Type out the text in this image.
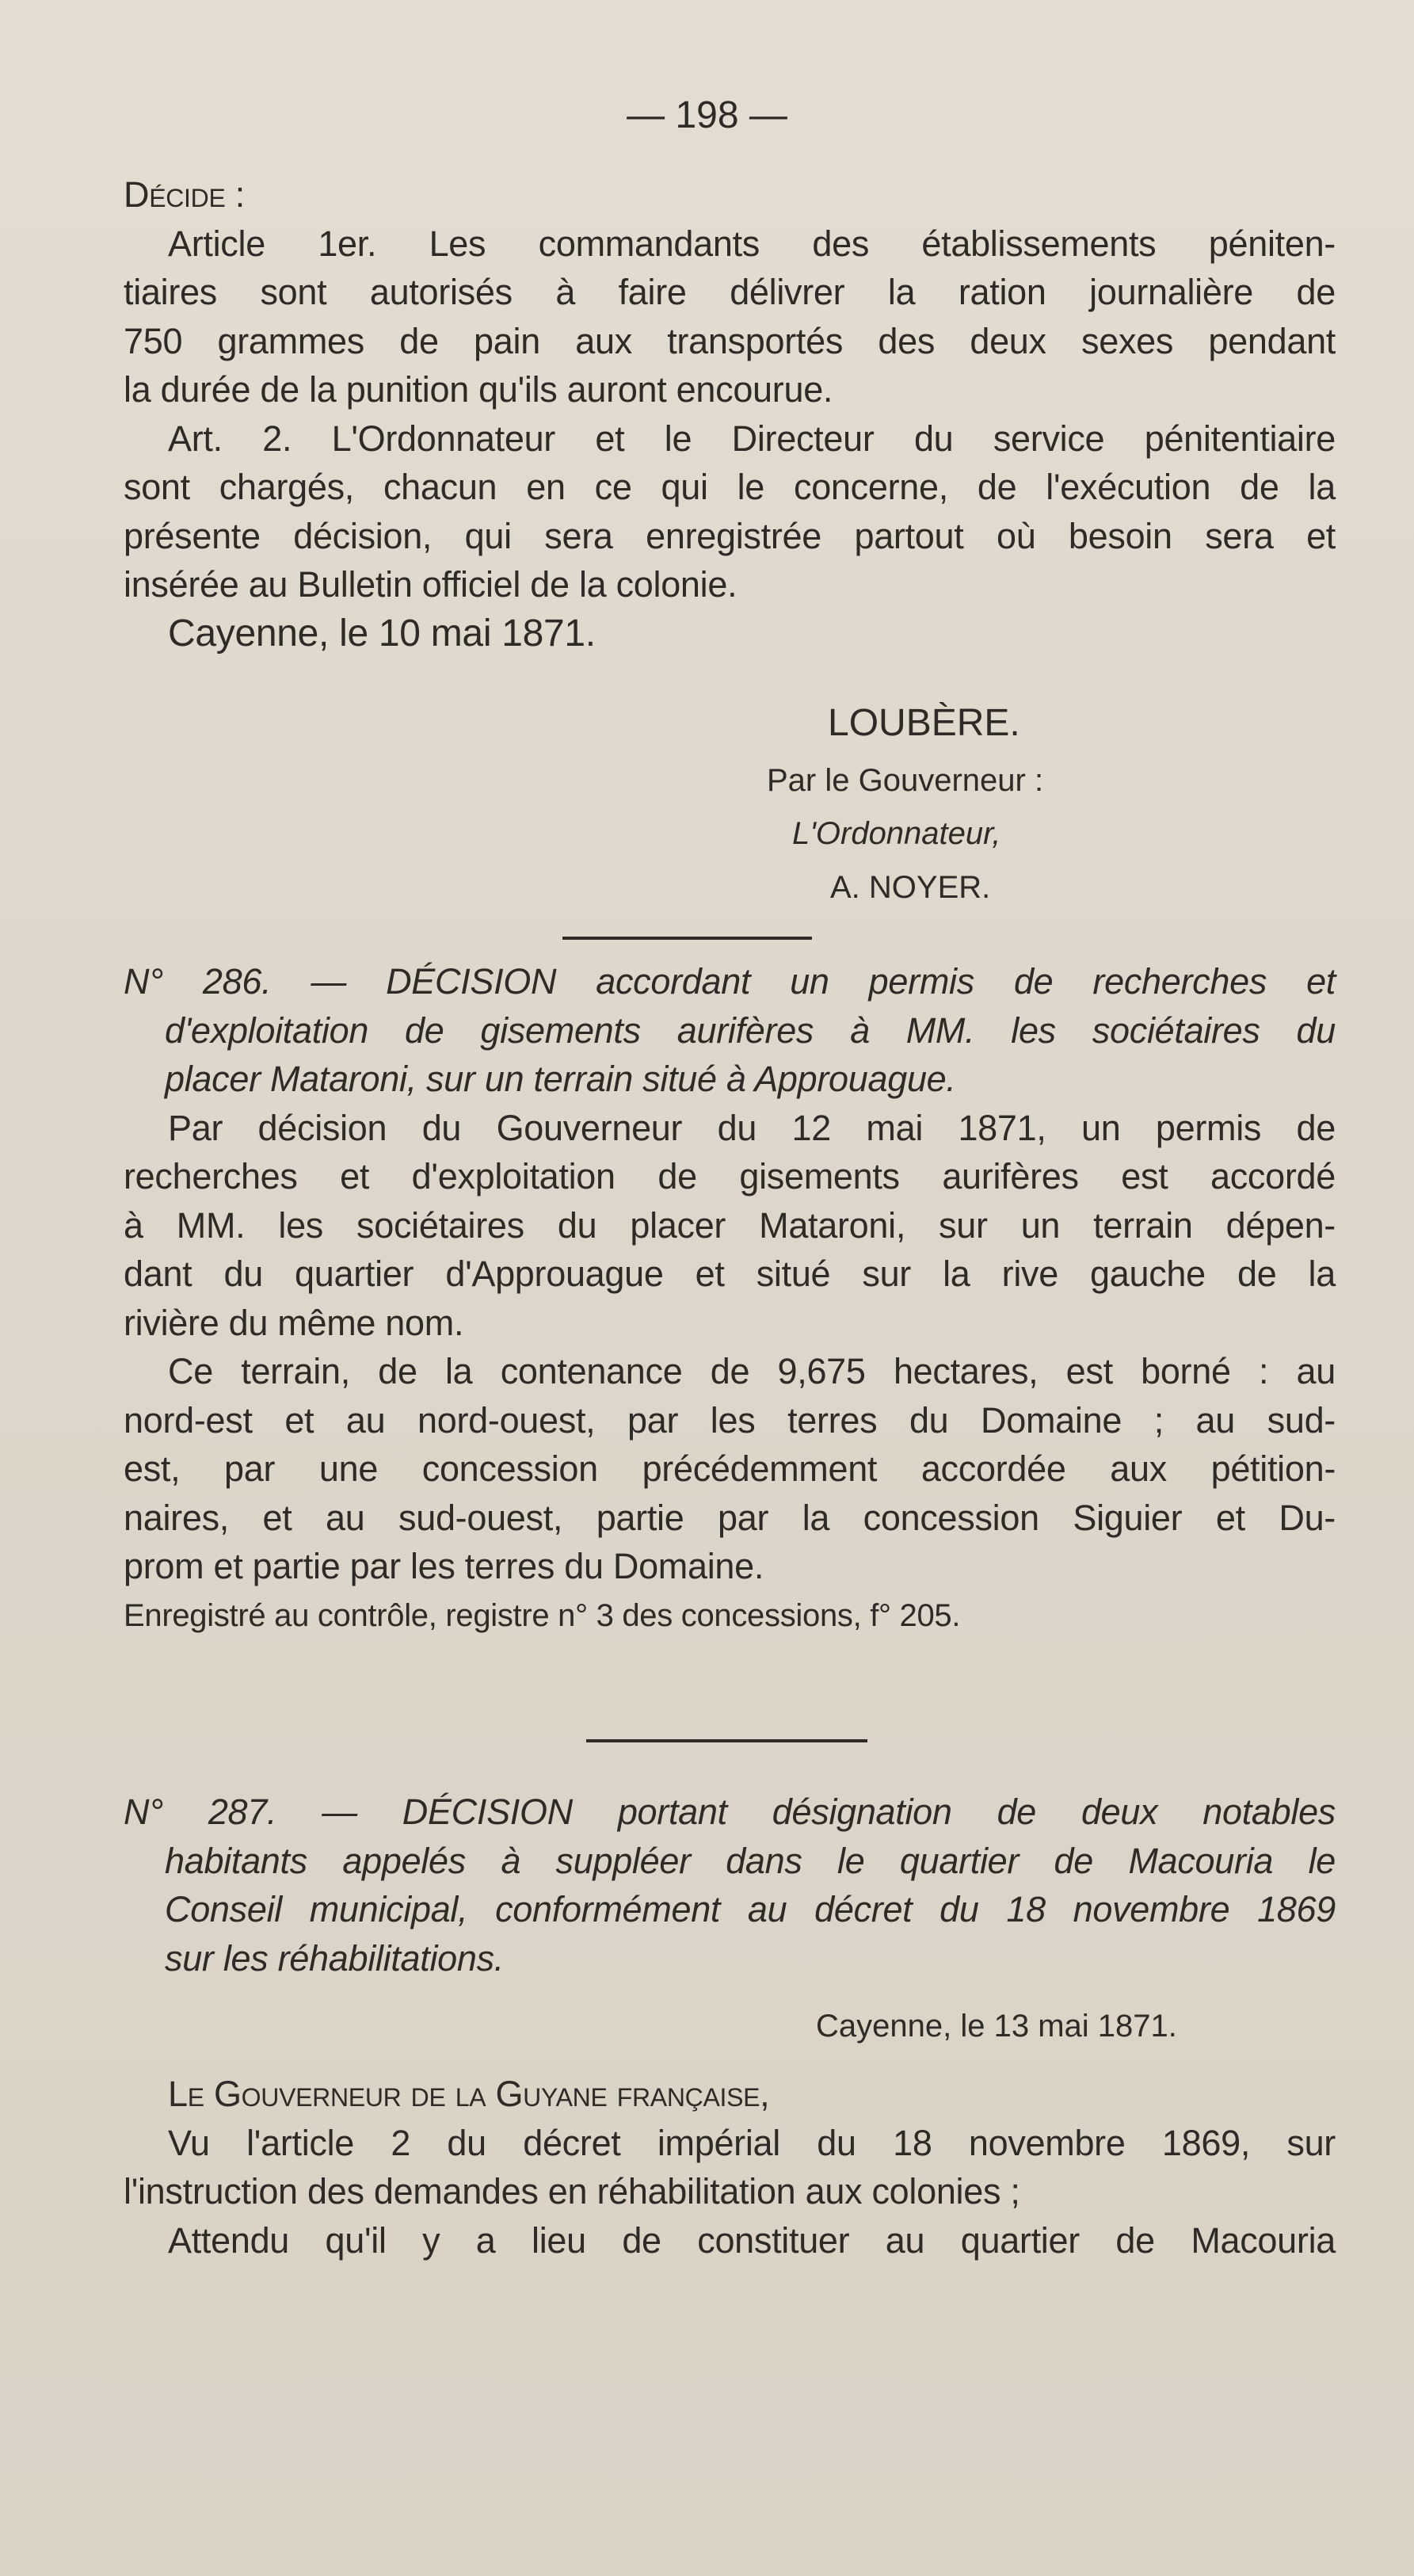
— 198 —
Décide :
Article 1er. Les commandants des établissements péniten-
tiaires sont autorisés à faire délivrer la ration journalière de
750 grammes de pain aux transportés des deux sexes pendant
la durée de la punition qu'ils auront encourue.
Art. 2. L'Ordonnateur et le Directeur du service pénitentiaire
sont chargés, chacun en ce qui le concerne, de l'exécution de la
présente décision, qui sera enregistrée partout où besoin sera et
insérée au Bulletin officiel de la colonie.
Cayenne, le 10 mai 1871.
LOUBÈRE.
Par le Gouverneur :
L'Ordonnateur,
A. NOYER.
N° 286. — DÉCISION accordant un permis de recherches et
d'exploitation de gisements aurifères à MM. les sociétaires du
placer Mataroni, sur un terrain situé à Approuague.
Par décision du Gouverneur du 12 mai 1871, un permis de
recherches et d'exploitation de gisements aurifères est accordé
à MM. les sociétaires du placer Mataroni, sur un terrain dépen-
dant du quartier d'Approuague et situé sur la rive gauche de la
rivière du même nom.
Ce terrain, de la contenance de 9,675 hectares, est borné : au
nord-est et au nord-ouest, par les terres du Domaine ; au sud-
est, par une concession précédemment accordée aux pétition-
naires, et au sud-ouest, partie par la concession Siguier et Du-
prom et partie par les terres du Domaine.
Enregistré au contrôle, registre n° 3 des concessions, f° 205.
N° 287. — DÉCISION portant désignation de deux notables
habitants appelés à suppléer dans le quartier de Macouria le
Conseil municipal, conformément au décret du 18 novembre 1869
sur les réhabilitations.
Cayenne, le 13 mai 1871.
Le Gouverneur de la Guyane française,
Vu l'article 2 du décret impérial du 18 novembre 1869, sur
l'instruction des demandes en réhabilitation aux colonies ;
Attendu qu'il y a lieu de constituer au quartier de Macouria
